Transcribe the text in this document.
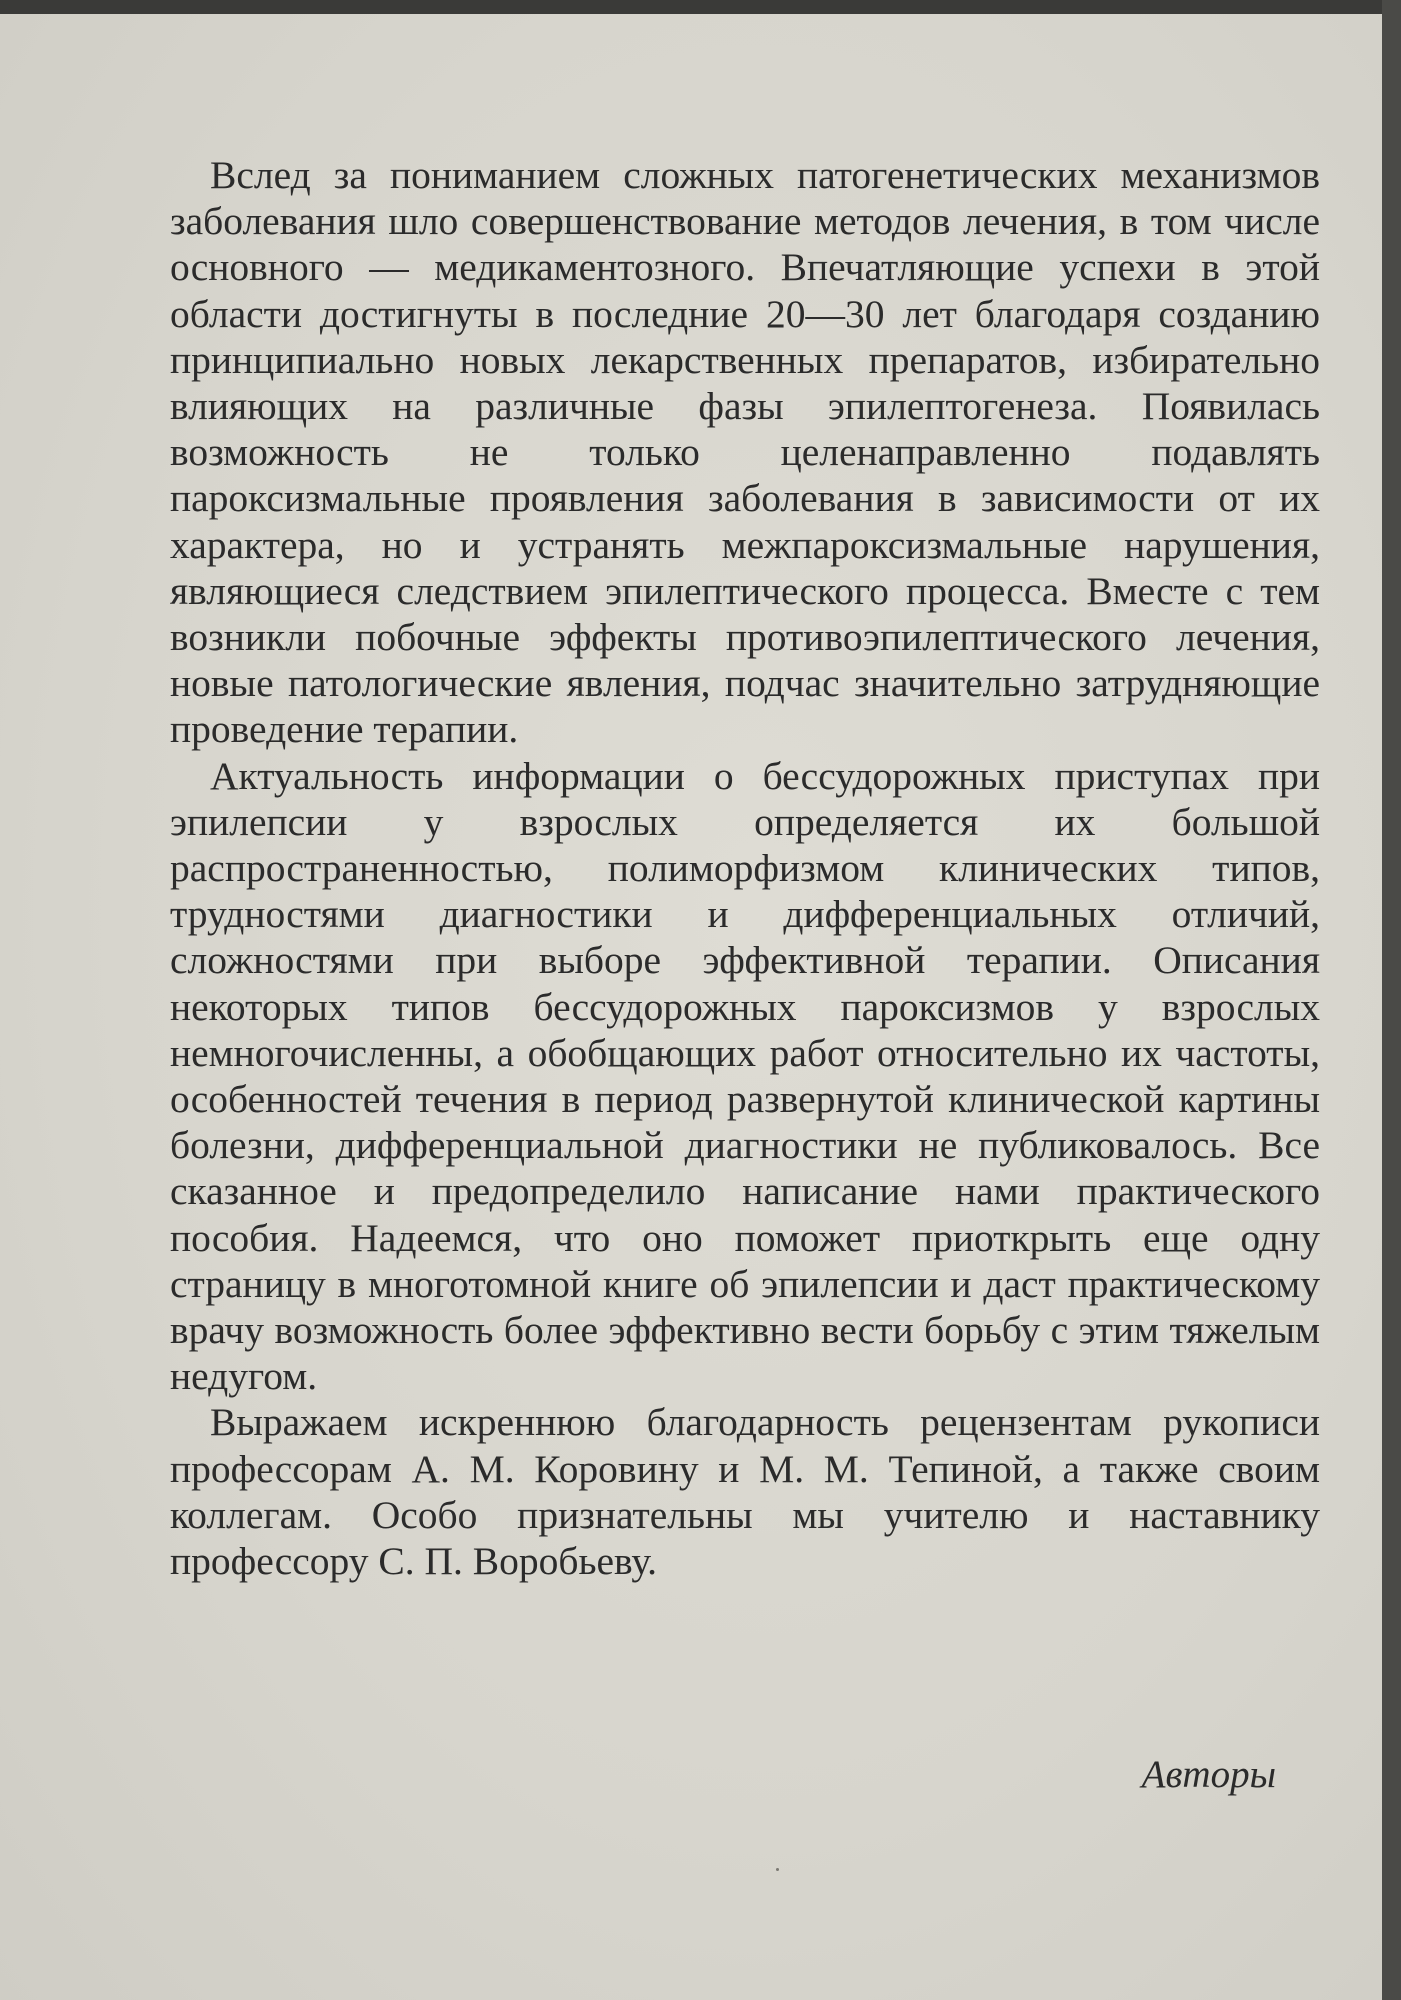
Вслед за пониманием сложных патогенетических механизмов заболевания шло совершенствование методов лечения, в том числе основного — медикаментозного. Впечатляющие успехи в этой области достигнуты в последние 20—30 лет благодаря созданию принципиально новых лекарственных препаратов, избирательно влияющих на различные фазы эпилептогенеза. Появилась возможность не только целенаправленно подавлять пароксизмальные проявления заболевания в зависимости от их характера, но и устранять межпароксизмальные нарушения, являющиеся следствием эпилептического процесса. Вместе с тем возникли побочные эффекты противоэпилептического лечения, новые патологические явления, подчас значительно затрудняющие проведение терапии.

Актуальность информации о бессудорожных приступах при эпилепсии у взрослых определяется их большой распространенностью, полиморфизмом клинических типов, трудностями диагностики и дифференциальных отличий, сложностями при выборе эффективной терапии. Описания некоторых типов бессудорожных пароксизмов у взрослых немногочисленны, а обобщающих работ относительно их частоты, особенностей течения в период развернутой клинической картины болезни, дифференциальной диагностики не публиковалось. Все сказанное и предопределило написание нами практического пособия. Надеемся, что оно поможет приоткрыть еще одну страницу в многотомной книге об эпилепсии и даст практическому врачу возможность более эффективно вести борьбу с этим тяжелым недугом.

Выражаем искреннюю благодарность рецензентам рукописи профессорам А. М. Коровину и М. М. Тепиной, а также своим коллегам. Особо признательны мы учителю и наставнику профессору С. П. Воробьеву.

Авторы
